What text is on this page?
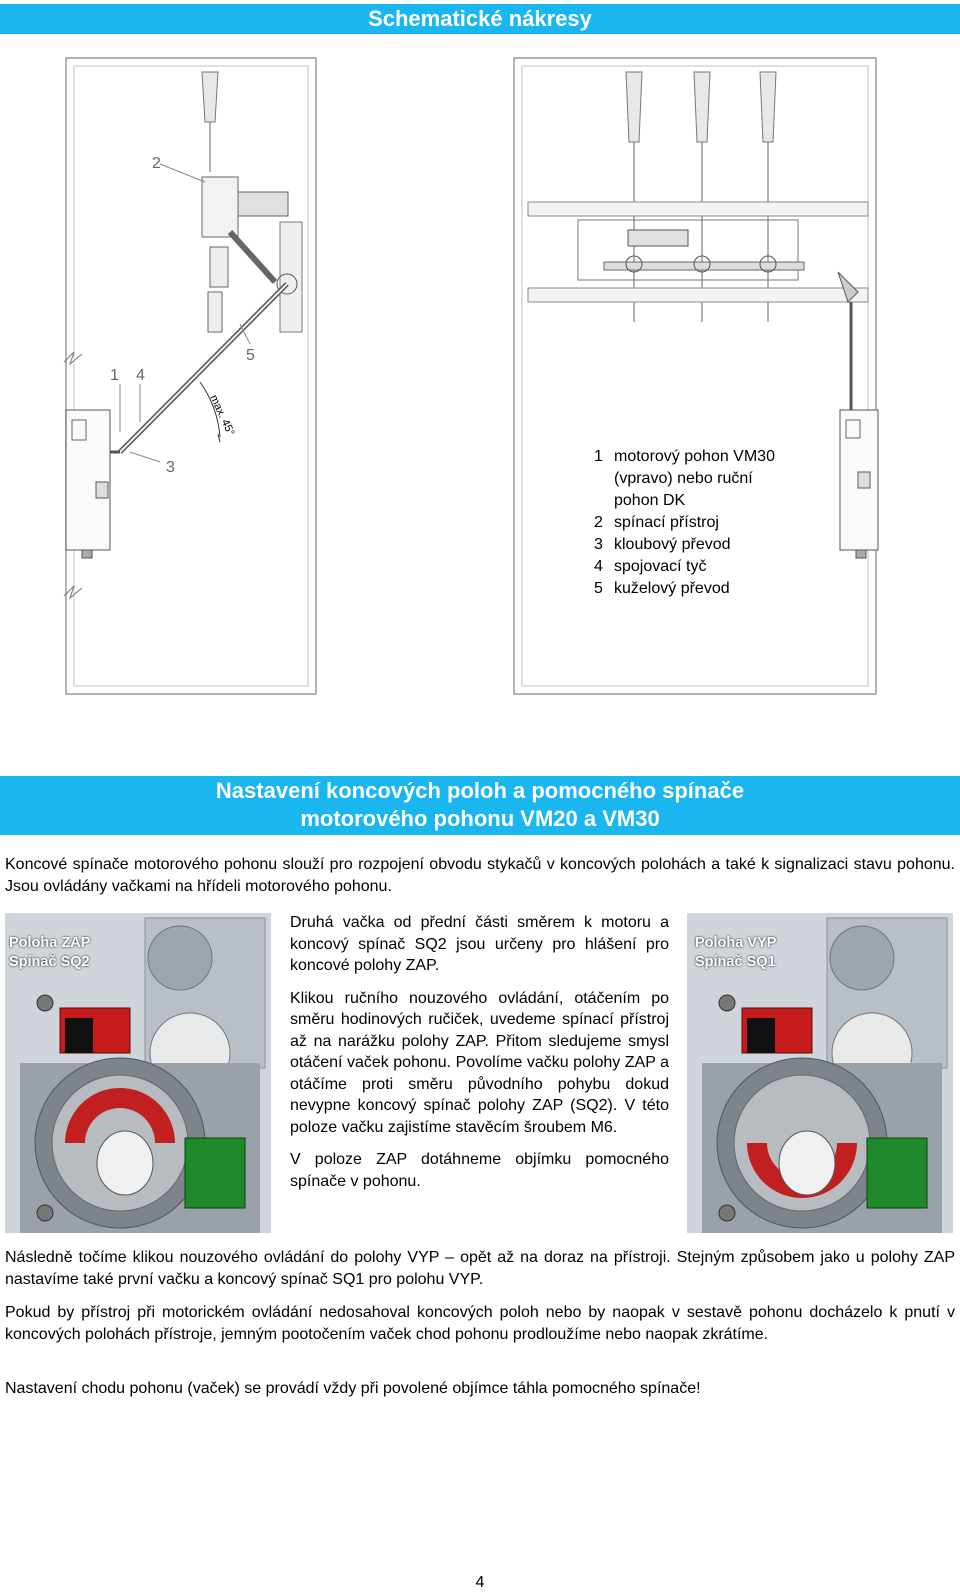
Schematické nákresy
max. 45°
2
1 4
5
3
1 motorový pohon VM30
(vpravo) nebo ruční
pohon DK
2 spínací přístroj
3 kloubový převod
4 spojovací tyč
5 kuželový převod
Nastavení koncových poloh a pomocného spínače
motorového pohonu VM20 a VM30
Koncové spínače motorového pohonu slouží pro rozpojení obvodu stykačů v koncových polohách a také k signalizaci stavu pohonu. Jsou ovládány vačkami na hřídeli motorového pohonu.
Poloha ZAP
Spínač SQ2

Druhá vačka od přední části směrem k motoru a koncový spínač SQ2 jsou určeny pro hlášení pro koncové polohy ZAP.

Klikou ručního nouzového ovládání, otáčením po směru hodinových ručiček, uvedeme spínací přístroj až na narážku polohy ZAP. Přitom sledujeme smysl otáčení vaček pohonu. Povolíme vačku polohy ZAP a otáčíme proti směru původního pohybu dokud nevypne koncový spínač polohy ZAP (SQ2). V této poloze vačku zajistíme stavěcím šroubem M6.

V poloze ZAP dotáhneme objímku pomocného spínače v pohonu.

Poloha VYP
Spínač SQ1
Následně točíme klikou nouzového ovládání do polohy VYP – opět až na doraz na přístroji. Stejným způsobem jako u polohy ZAP nastavíme také první vačku a koncový spínač SQ1 pro polohu VYP.
Pokud by přístroj při motorickém ovládání nedosahoval koncových poloh nebo by naopak v sestavě pohonu docházelo k pnutí v koncových polohách přístroje, jemným pootočením vaček chod pohonu prodloužíme nebo naopak zkrátíme.
Nastavení chodu pohonu (vaček) se provádí vždy při povolené objímce táhla pomocného spínače!
4
